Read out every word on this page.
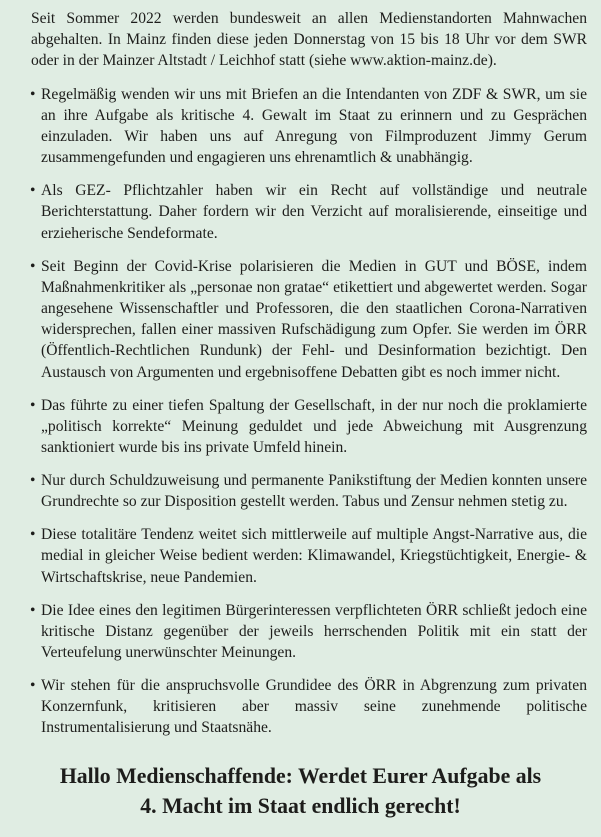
Seit Sommer 2022 werden bundesweit an allen Medienstandorten Mahnwachen abgehalten. In Mainz finden diese jeden Donnerstag von 15 bis 18 Uhr vor dem SWR oder in der Mainzer Altstadt / Leichhof statt (siehe www.aktion-mainz.de).

• Regelmäßig wenden wir uns mit Briefen an die Intendanten von ZDF & SWR, um sie an ihre Aufgabe als kritische 4. Gewalt im Staat zu erinnern und zu Gesprächen einzuladen. Wir haben uns auf Anregung von Filmproduzent Jimmy Gerum zusammengefunden und engagieren uns ehrenamtlich & unabhängig.
• Als GEZ- Pflichtzahler haben wir ein Recht auf vollständige und neutrale Berichterstattung. Daher fordern wir den Verzicht auf moralisierende, einseitige und erzieherische Sendeformate.
• Seit Beginn der Covid-Krise polarisieren die Medien in GUT und BÖSE, indem Maßnahmenkritiker als „personae non gratae“ etikettiert und abgewertet werden. Sogar angesehene Wissenschaftler und Professoren, die den staatlichen Corona-Narrativen widersprechen, fallen einer massiven Rufschädigung zum Opfer. Sie werden im ÖRR (Öffentlich-Rechtlichen Rundunk) der Fehl- und Desinformation bezichtigt. Den Austausch von Argumenten und ergebnisoffene Debatten gibt es noch immer nicht.
• Das führte zu einer tiefen Spaltung der Gesellschaft, in der nur noch die proklamierte „politisch korrekte“ Meinung geduldet und jede Abweichung mit Ausgrenzung sanktioniert wurde bis ins private Umfeld hinein.
• Nur durch Schuldzuweisung und permanente Panikstiftung der Medien konnten unsere Grundrechte so zur Disposition gestellt werden. Tabus und Zensur nehmen stetig zu.
• Diese totalitäre Tendenz weitet sich mittlerweile auf multiple Angst-Narrative aus, die medial in gleicher Weise bedient werden: Klimawandel, Kriegstüchtigkeit, Energie- & Wirtschaftskrise, neue Pandemien.
• Die Idee eines den legitimen Bürgerinteressen verpflichteten ÖRR schließt jedoch eine kritische Distanz gegenüber der jeweils herrschenden Politik mit ein statt der Verteufelung unerwünschter Meinungen.
• Wir stehen für die anspruchsvolle Grundidee des ÖRR in Abgrenzung zum privaten Konzernfunk, kritisieren aber massiv seine zunehmende politische Instrumentalisierung und Staatsnähe.
Hallo Medienschaffende: Werdet Eurer Aufgabe als
4. Macht im Staat endlich gerecht!
